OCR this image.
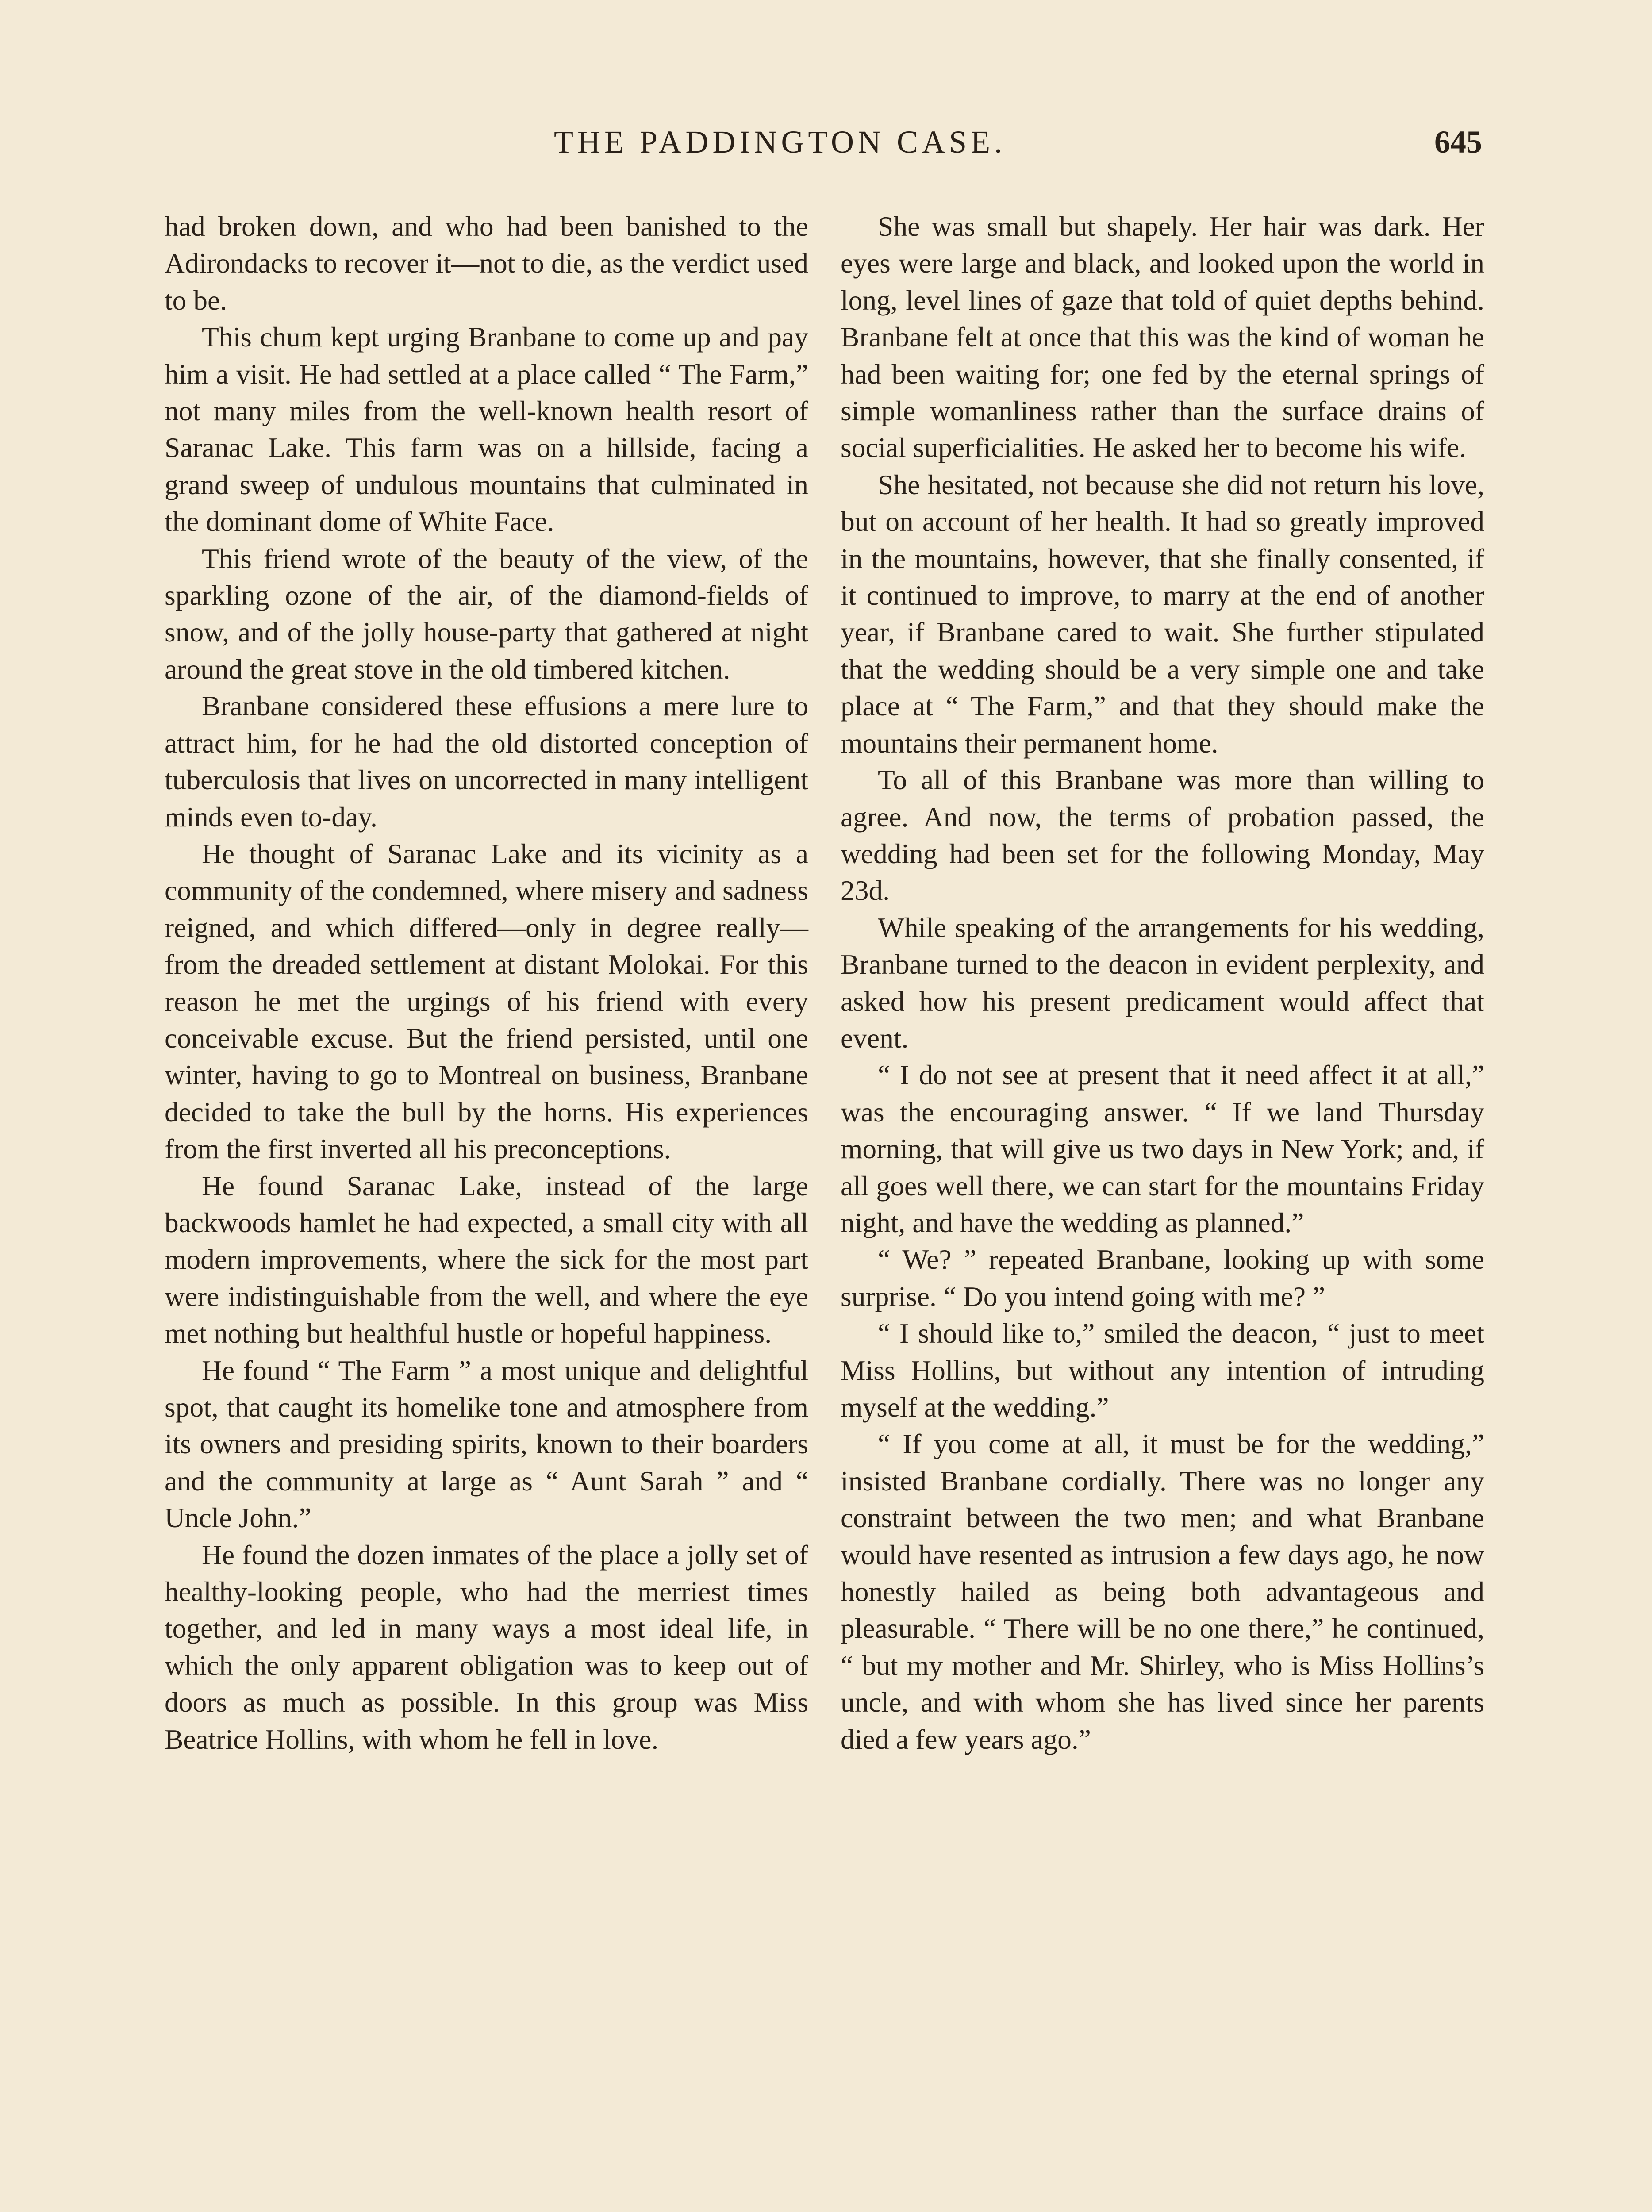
THE PADDINGTON CASE.	645

had broken down, and who had been banished to the Adirondacks to recover it—not to die, as the verdict used to be.

This chum kept urging Branbane to come up and pay him a visit. He had settled at a place called “ The Farm,” not many miles from the well-known health resort of Saranac Lake. This farm was on a hillside, facing a grand sweep of undulous mountains that culminated in the dominant dome of White Face.

This friend wrote of the beauty of the view, of the sparkling ozone of the air, of the diamond-fields of snow, and of the jolly house-party that gathered at night around the great stove in the old timbered kitchen.

Branbane considered these effusions a mere lure to attract him, for he had the old distorted conception of tuberculosis that lives on uncorrected in many intelligent minds even to-day.

He thought of Saranac Lake and its vicinity as a community of the condemned, where misery and sadness reigned, and which differed—only in degree really—from the dreaded settlement at distant Molokai. For this reason he met the urgings of his friend with every conceivable excuse. But the friend persisted, until one winter, having to go to Montreal on business, Branbane decided to take the bull by the horns. His experiences from the first inverted all his preconceptions.

He found Saranac Lake, instead of the large backwoods hamlet he had expected, a small city with all modern improvements, where the sick for the most part were indistinguishable from the well, and where the eye met nothing but healthful hustle or hopeful happiness.

He found “ The Farm ” a most unique and delightful spot, that caught its homelike tone and atmosphere from its owners and presiding spirits, known to their boarders and the community at large as “ Aunt Sarah ” and “ Uncle John.”

He found the dozen inmates of the place a jolly set of healthy-looking people, who had the merriest times together, and led in many ways a most ideal life, in which the only apparent obligation was to keep out of doors as much as possible. In this group was Miss Beatrice Hollins, with whom he fell in love.

She was small but shapely. Her hair was dark. Her eyes were large and black, and looked upon the world in long, level lines of gaze that told of quiet depths behind. Branbane felt at once that this was the kind of woman he had been waiting for; one fed by the eternal springs of simple womanliness rather than the surface drains of social superficialities. He asked her to become his wife.

She hesitated, not because she did not return his love, but on account of her health. It had so greatly improved in the mountains, however, that she finally consented, if it continued to improve, to marry at the end of another year, if Branbane cared to wait. She further stipulated that the wedding should be a very simple one and take place at “ The Farm,” and that they should make the mountains their permanent home.

To all of this Branbane was more than willing to agree. And now, the terms of probation passed, the wedding had been set for the following Monday, May 23d.

While speaking of the arrangements for his wedding, Branbane turned to the deacon in evident perplexity, and asked how his present predicament would affect that event.

“ I do not see at present that it need affect it at all,” was the encouraging answer. “ If we land Thursday morning, that will give us two days in New York; and, if all goes well there, we can start for the mountains Friday night, and have the wedding as planned.”

“ We? ” repeated Branbane, looking up with some surprise. “ Do you intend going with me? ”

“ I should like to,” smiled the deacon, “ just to meet Miss Hollins, but without any intention of intruding myself at the wedding.”

“ If you come at all, it must be for the wedding,” insisted Branbane cordially. There was no longer any constraint between the two men; and what Branbane would have resented as intrusion a few days ago, he now honestly hailed as being both advantageous and pleasurable. “ There will be no one there,” he continued, “ but my mother and Mr. Shirley, who is Miss Hollins’s uncle, and with whom she has lived since her parents died a few years ago.”
